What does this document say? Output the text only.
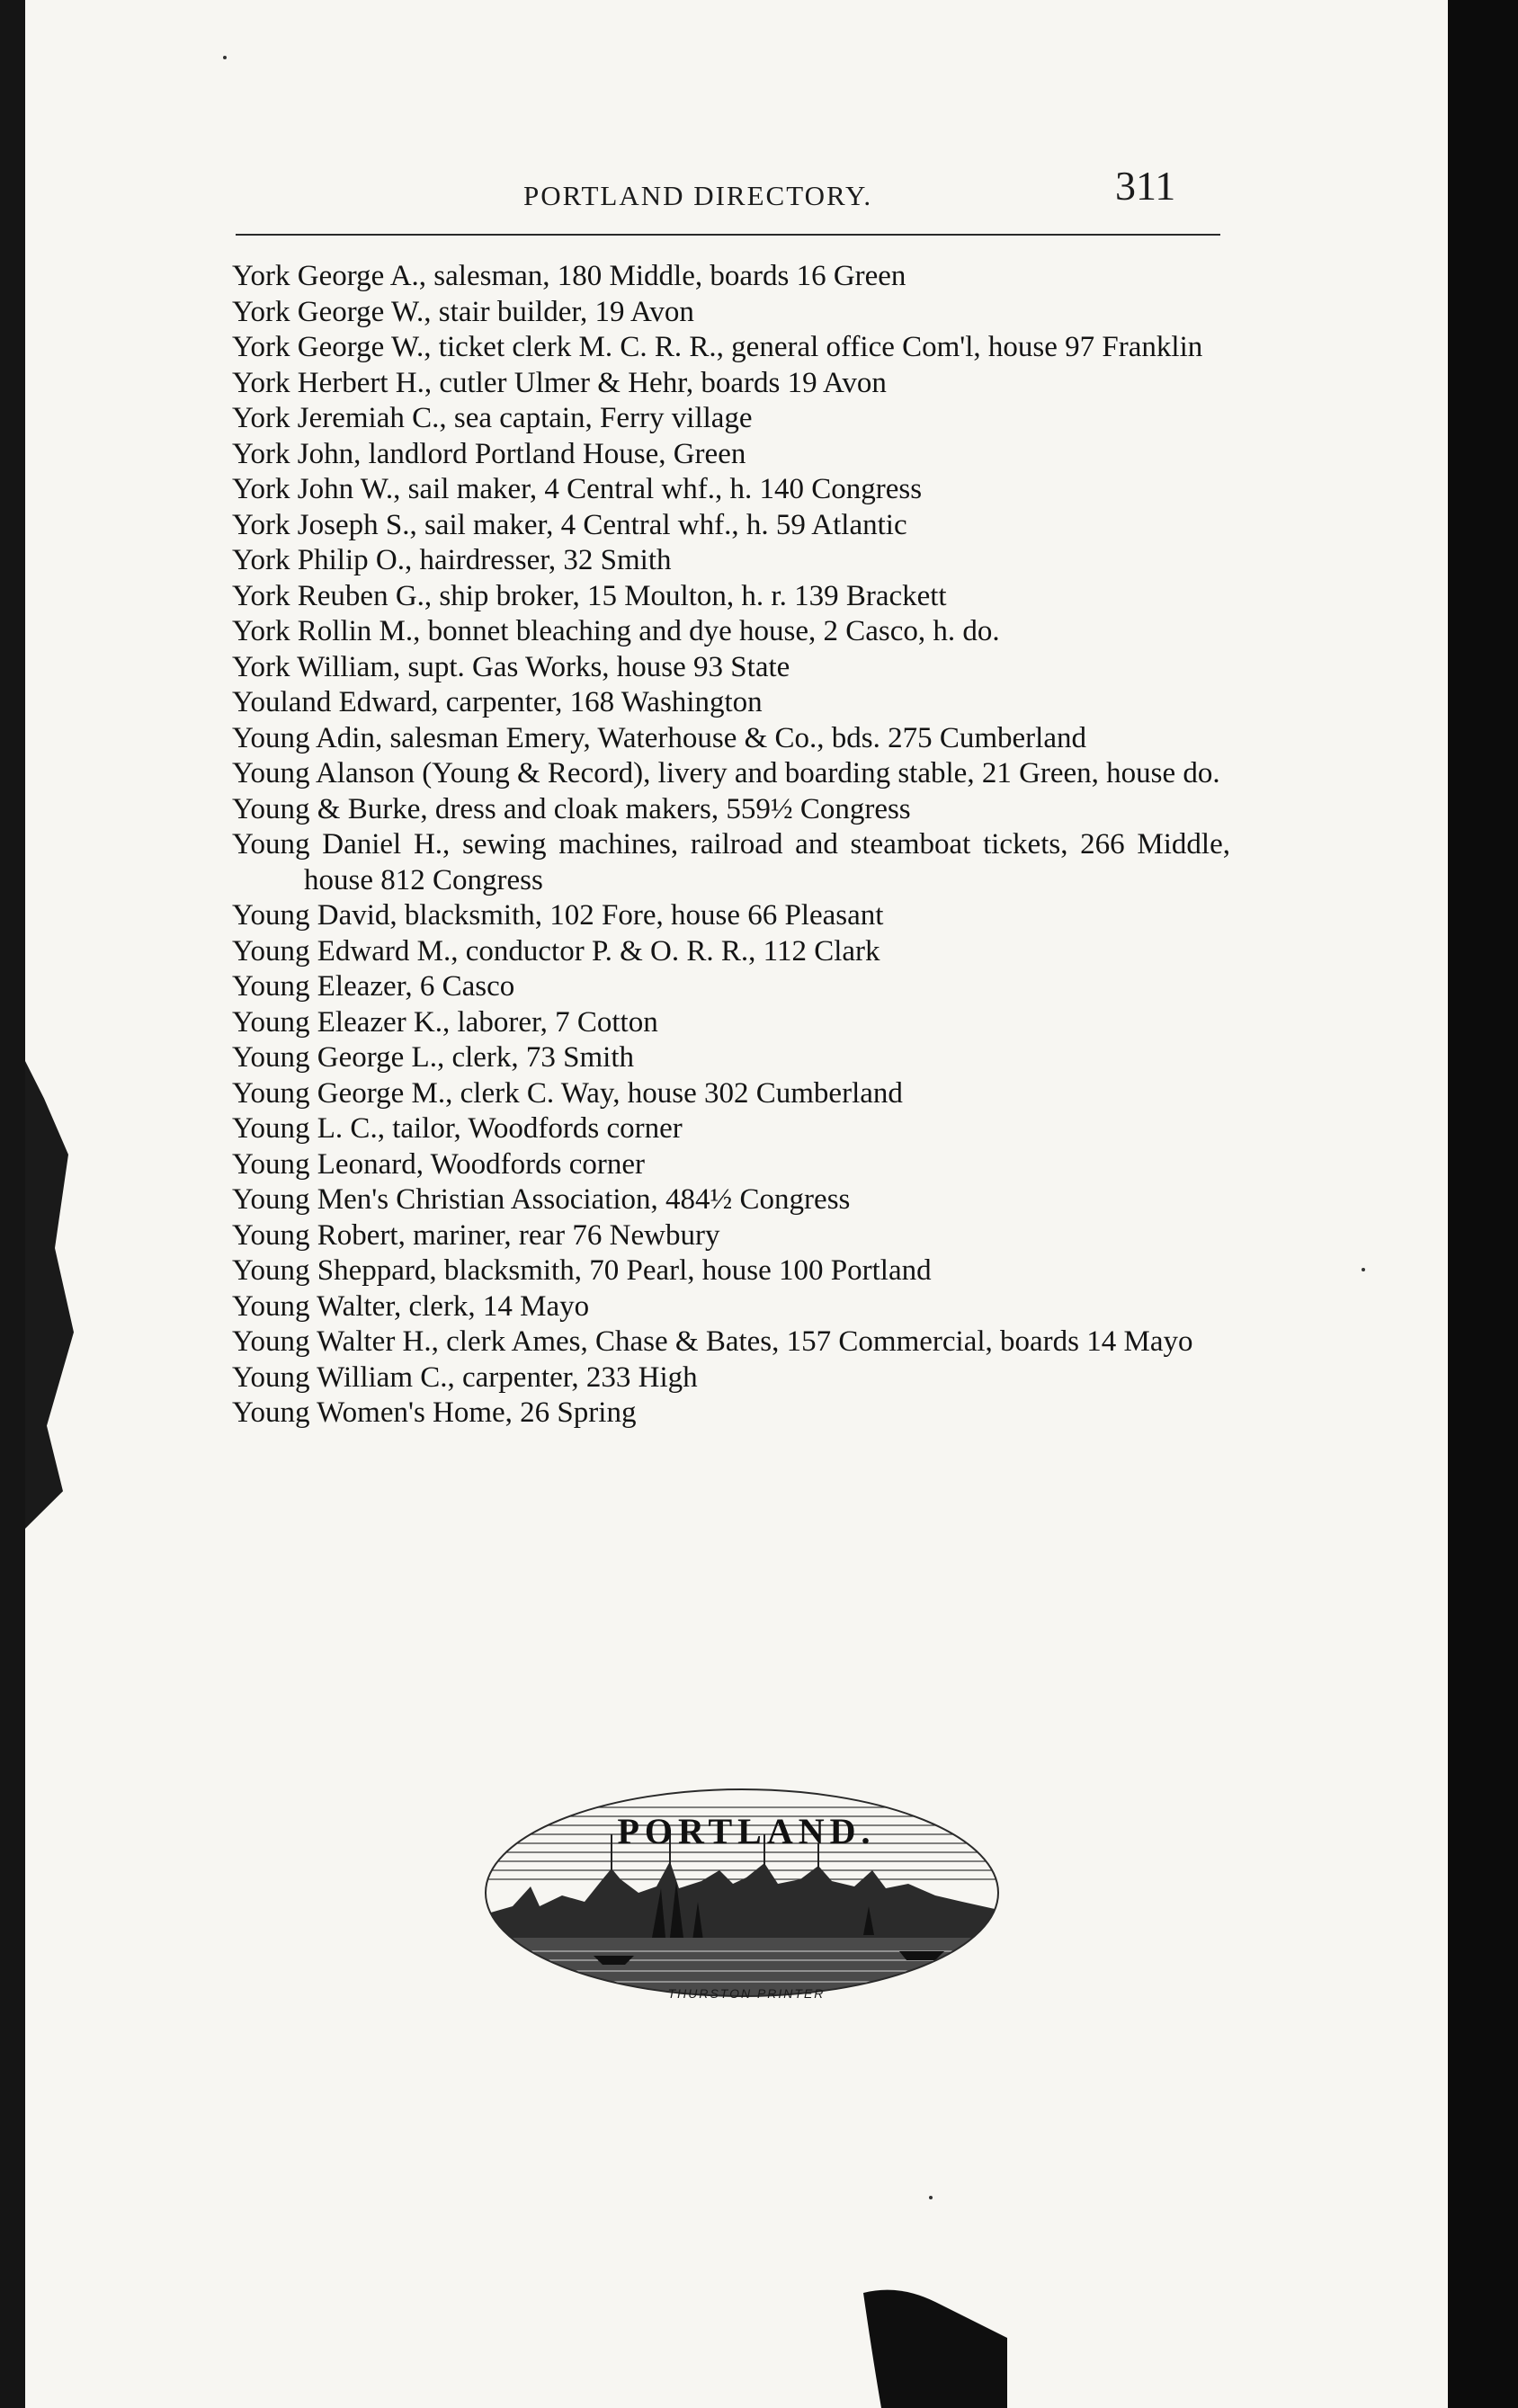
PORTLAND DIRECTORY.	311
York George A., salesman, 180 Middle, boards 16 Green
York George W., stair builder, 19 Avon
York George W., ticket clerk M. C. R. R., general office Com'l, house 97 Franklin
York Herbert H., cutler Ulmer & Hehr, boards 19 Avon
York Jeremiah C., sea captain, Ferry village
York John, landlord Portland House, Green
York John W., sail maker, 4 Central whf., h. 140 Congress
York Joseph S., sail maker, 4 Central whf., h. 59 Atlantic
York Philip O., hairdresser, 32 Smith
York Reuben G., ship broker, 15 Moulton, h. r. 139 Brackett
York Rollin M., bonnet bleaching and dye house, 2 Casco, h. do.
York William, supt. Gas Works, house 93 State
Youland Edward, carpenter, 168 Washington
Young Adin, salesman Emery, Waterhouse & Co., bds. 275 Cumberland
Young Alanson (Young & Record), livery and boarding stable, 21 Green, house do.
Young & Burke, dress and cloak makers, 559½ Congress
Young Daniel H., sewing machines, railroad and steamboat tickets, 266 Middle, house 812 Congress
Young David, blacksmith, 102 Fore, house 66 Pleasant
Young Edward M., conductor P. & O. R. R., 112 Clark
Young Eleazer, 6 Casco
Young Eleazer K., laborer, 7 Cotton
Young George L., clerk, 73 Smith
Young George M., clerk C. Way, house 302 Cumberland
Young L. C., tailor, Woodfords corner
Young Leonard, Woodfords corner
Young Men's Christian Association, 484½ Congress
Young Robert, mariner, rear 76 Newbury
Young Sheppard, blacksmith, 70 Pearl, house 100 Portland
Young Walter, clerk, 14 Mayo
Young Walter H., clerk Ames, Chase & Bates, 157 Commercial, boards 14 Mayo
Young William C., carpenter, 233 High
Young Women's Home, 26 Spring
PORTLAND.
THURSTON PRINTER
